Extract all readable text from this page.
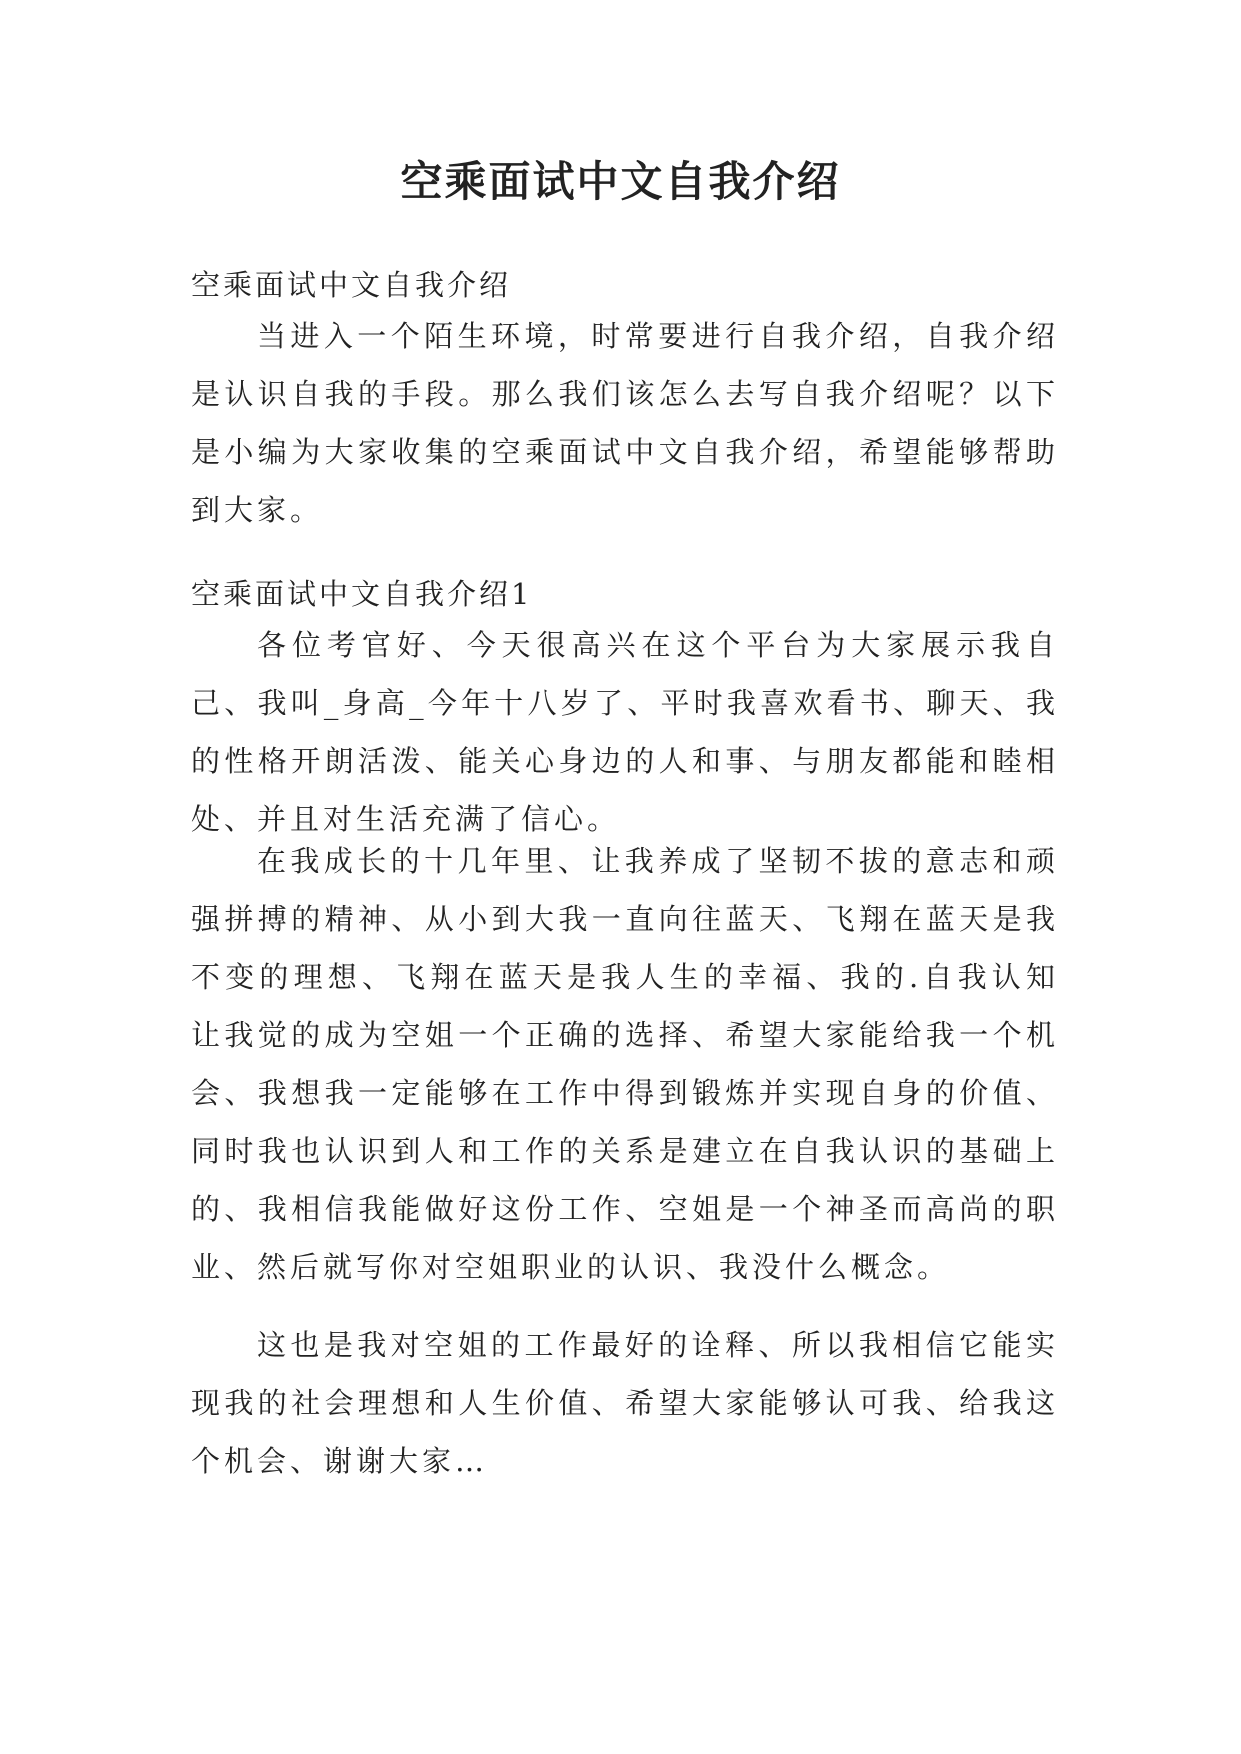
空乘面试中文自我介绍

空乘面试中文自我介绍

当进入一个陌生环境，时常要进行自我介绍，自我介绍是认识自我的手段。那么我们该怎么去写自我介绍呢？以下是小编为大家收集的空乘面试中文自我介绍，希望能够帮助到大家。

空乘面试中文自我介绍1

各位考官好、今天很高兴在这个平台为大家展示我自己、我叫_身高_今年十八岁了、平时我喜欢看书、聊天、我的性格开朗活泼、能关心身边的人和事、与朋友都能和睦相处、并且对生活充满了信心。

在我成长的十几年里、让我养成了坚韧不拔的意志和顽强拼搏的精神、从小到大我一直向往蓝天、飞翔在蓝天是我不变的理想、飞翔在蓝天是我人生的幸福、我的.自我认知让我觉的成为空姐一个正确的选择、希望大家能给我一个机会、我想我一定能够在工作中得到锻炼并实现自身的价值、同时我也认识到人和工作的关系是建立在自我认识的基础上的、我相信我能做好这份工作、空姐是一个神圣而高尚的职业、然后就写你对空姐职业的认识、我没什么概念。

这也是我对空姐的工作最好的诠释、所以我相信它能实现我的社会理想和人生价值、希望大家能够认可我、给我这个机会、谢谢大家…
